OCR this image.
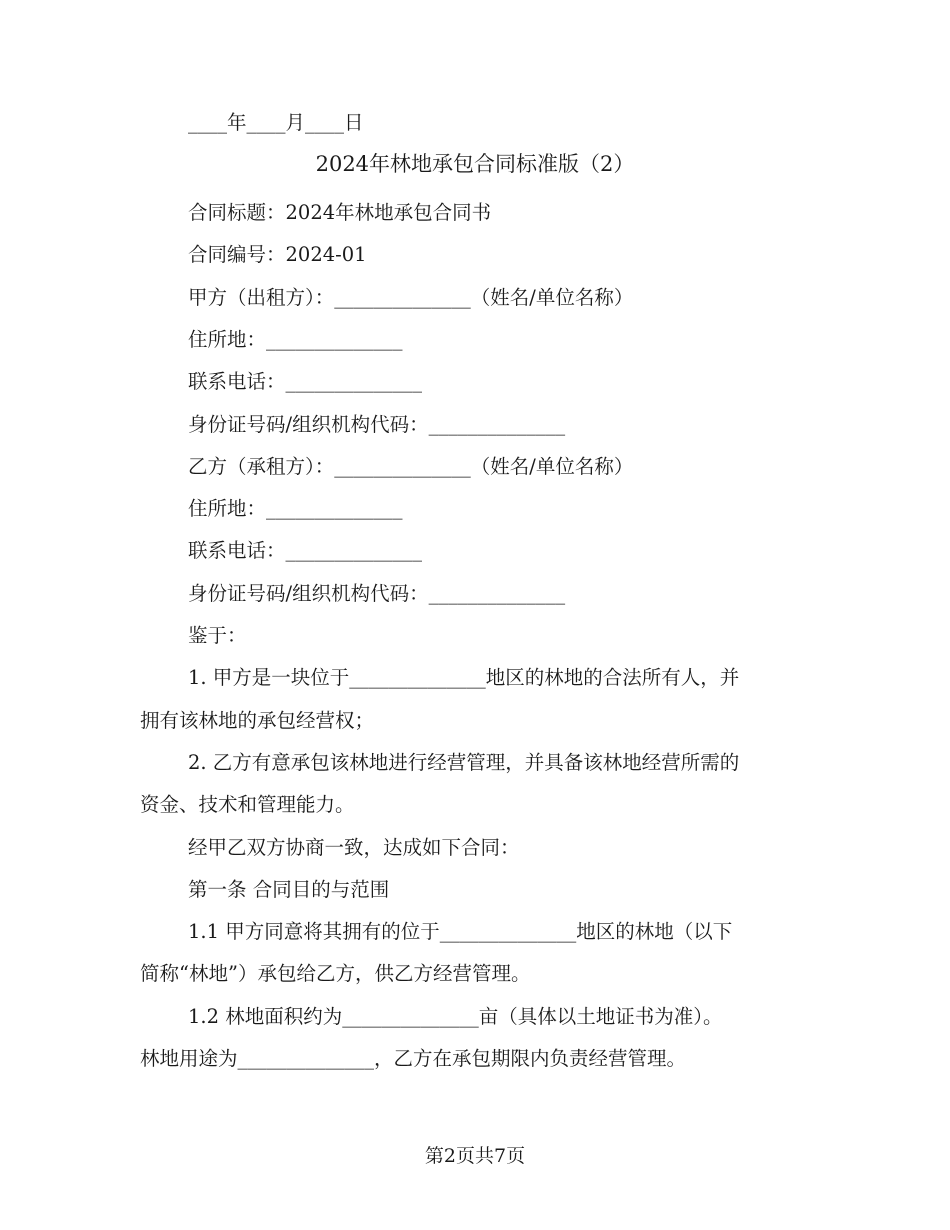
____年____月____日
2024年林地承包合同标准版（2）
合同标题：2024年林地承包合同书
合同编号：2024-01
甲方（出租方）：______________（姓名/单位名称）
住所地：______________
联系电话：______________
身份证号码/组织机构代码：______________
乙方（承租方）：______________（姓名/单位名称）
住所地：______________
联系电话：______________
身份证号码/组织机构代码：______________
鉴于：
1. 甲方是一块位于______________地区的林地的合法所有人，并
拥有该林地的承包经营权；
2. 乙方有意承包该林地进行经营管理，并具备该林地经营所需的
资金、技术和管理能力。
经甲乙双方协商一致，达成如下合同：
第一条 合同目的与范围
1.1 甲方同意将其拥有的位于______________地区的林地（以下
简称“林地”）承包给乙方，供乙方经营管理。
1.2 林地面积约为______________亩（具体以土地证书为准）。
林地用途为______________，乙方在承包期限内负责经营管理。
第2页共7页
